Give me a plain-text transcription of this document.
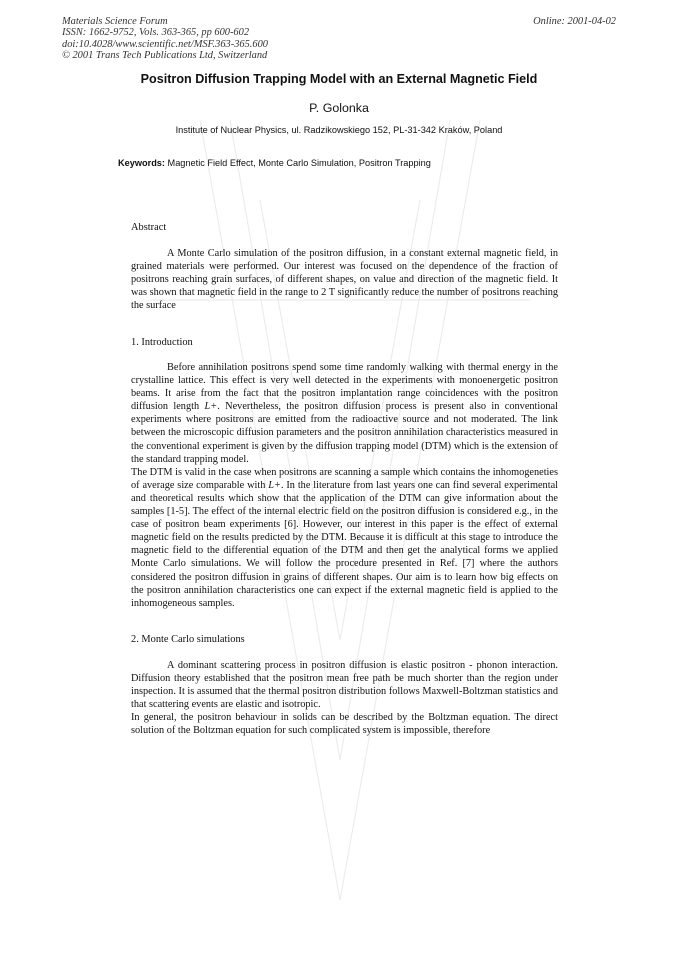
Materials Science Forum
ISSN: 1662-9752, Vols. 363-365, pp 600-602
doi:10.4028/www.scientific.net/MSF.363-365.600
© 2001 Trans Tech Publications Ltd, Switzerland
Online: 2001-04-02
Positron Diffusion Trapping Model with an External Magnetic Field
P. Golonka
Institute of Nuclear Physics, ul. Radzikowskiego 152, PL-31-342 Kraków, Poland
Keywords: Magnetic Field Effect, Monte Carlo Simulation, Positron Trapping
Abstract

A Monte Carlo simulation of the positron diffusion, in a constant external magnetic field, in grained materials were performed. Our interest was focused on the dependence of the fraction of positrons reaching grain surfaces, of different shapes, on value and direction of the magnetic field. It was shown that magnetic field in the range to 2 T significantly reduce the number of positrons reaching the surface

1. Introduction

Before annihilation positrons spend some time randomly walking with thermal energy in the crystalline lattice. This effect is very well detected in the experiments with monoenergetic positron beams. It arise from the fact that the positron implantation range coincidences with the positron diffusion length L+. Nevertheless, the positron diffusion process is present also in conventional experiments where positrons are emitted from the radioactive source and not moderated. The link between the microscopic diffusion parameters and the positron annihilation characteristics measured in the conventional experiment is given by the diffusion trapping model (DTM) which is the extension of the standard trapping model.

The DTM is valid in the case when positrons are scanning a sample which contains the inhomogeneties of average size comparable with L+. In the literature from last years one can find several experimental and theoretical results which show that the application of the DTM can give information about the samples [1-5]. The effect of the internal electric field on the positron diffusion is considered e.g., in the case of positron beam experiments [6]. However, our interest in this paper is the effect of external magnetic field on the results predicted by the DTM. Because it is difficult at this stage to introduce the magnetic field to the differential equation of the DTM and then get the analytical forms we applied Monte Carlo simulations. We will follow the procedure presented in Ref. [7] where the authors considered the positron diffusion in grains of different shapes. Our aim is to learn how big effects on the positron annihilation characteristics one can expect if the external magnetic field is applied to the inhomogeneous samples.

2. Monte Carlo simulations

A dominant scattering process in positron diffusion is elastic positron - phonon interaction. Diffusion theory established that the positron mean free path be much shorter than the region under inspection. It is assumed that the thermal positron distribution follows Maxwell-Boltzman statistics and that scattering events are elastic and isotropic.

In general, the positron behaviour in solids can be described by the Boltzman equation. The direct solution of the Boltzman equation for such complicated system is impossible, therefore
